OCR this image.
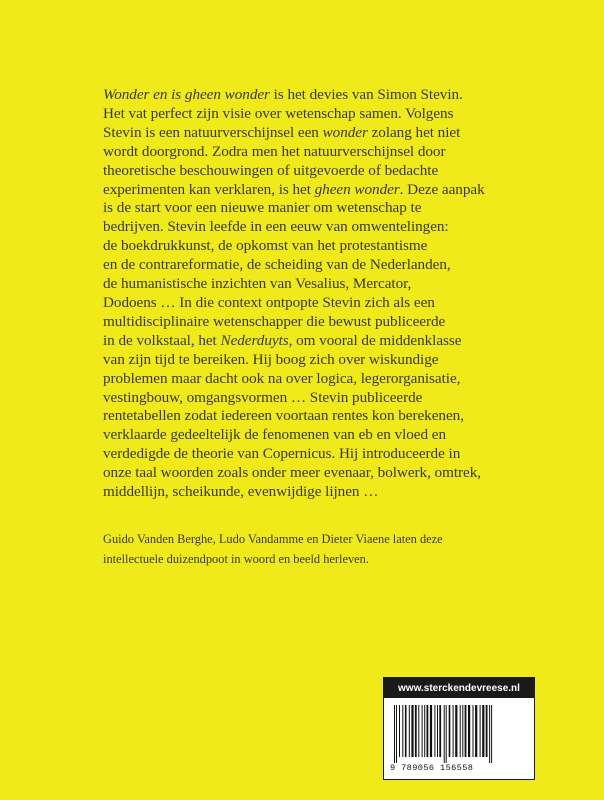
Wonder en is gheen wonder is het devies van Simon Stevin.

Het vat perfect zijn visie over wetenschap samen. Volgens

Stevin is een natuurverschijnsel een wonder zolang het niet

wordt doorgrond. Zodra men het natuurverschijnsel door

theoretische beschouwingen of uitgevoerde of bedachte

experimenten kan verklaren, is het gheen wonder. Deze aanpak

is de start voor een nieuwe manier om wetenschap te

bedrijven. Stevin leefde in een eeuw van omwentelingen:

de boekdrukkunst, de opkomst van het protestantisme

en de contrareformatie, de scheiding van de Nederlanden,

de humanistische inzichten van Vesalius, Mercator,

Dodoens … In die context ontpopte Stevin zich als een

multidisciplinaire wetenschapper die bewust publiceerde

in de volkstaal, het Nederduyts, om vooral de middenklasse

van zijn tijd te bereiken. Hij boog zich over wiskundige

problemen maar dacht ook na over logica, legerorganisatie,

vestingbouw, omgangsvormen … Stevin publiceerde

rentetabellen zodat iedereen voortaan rentes kon berekenen,

verklaarde gedeeltelijk de fenomenen van eb en vloed en

verdedigde de theorie van Copernicus. Hij introduceerde in

onze taal woorden zoals onder meer evenaar, bolwerk, omtrek,

middellijn, scheikunde, evenwijdige lijnen …

Guido Vanden Berghe, Ludo Vandamme en Dieter Viaene laten deze

intellectuele duizendpoot in woord en beeld herleven.

www.sterckendevreese.nl
9 789056 156558
